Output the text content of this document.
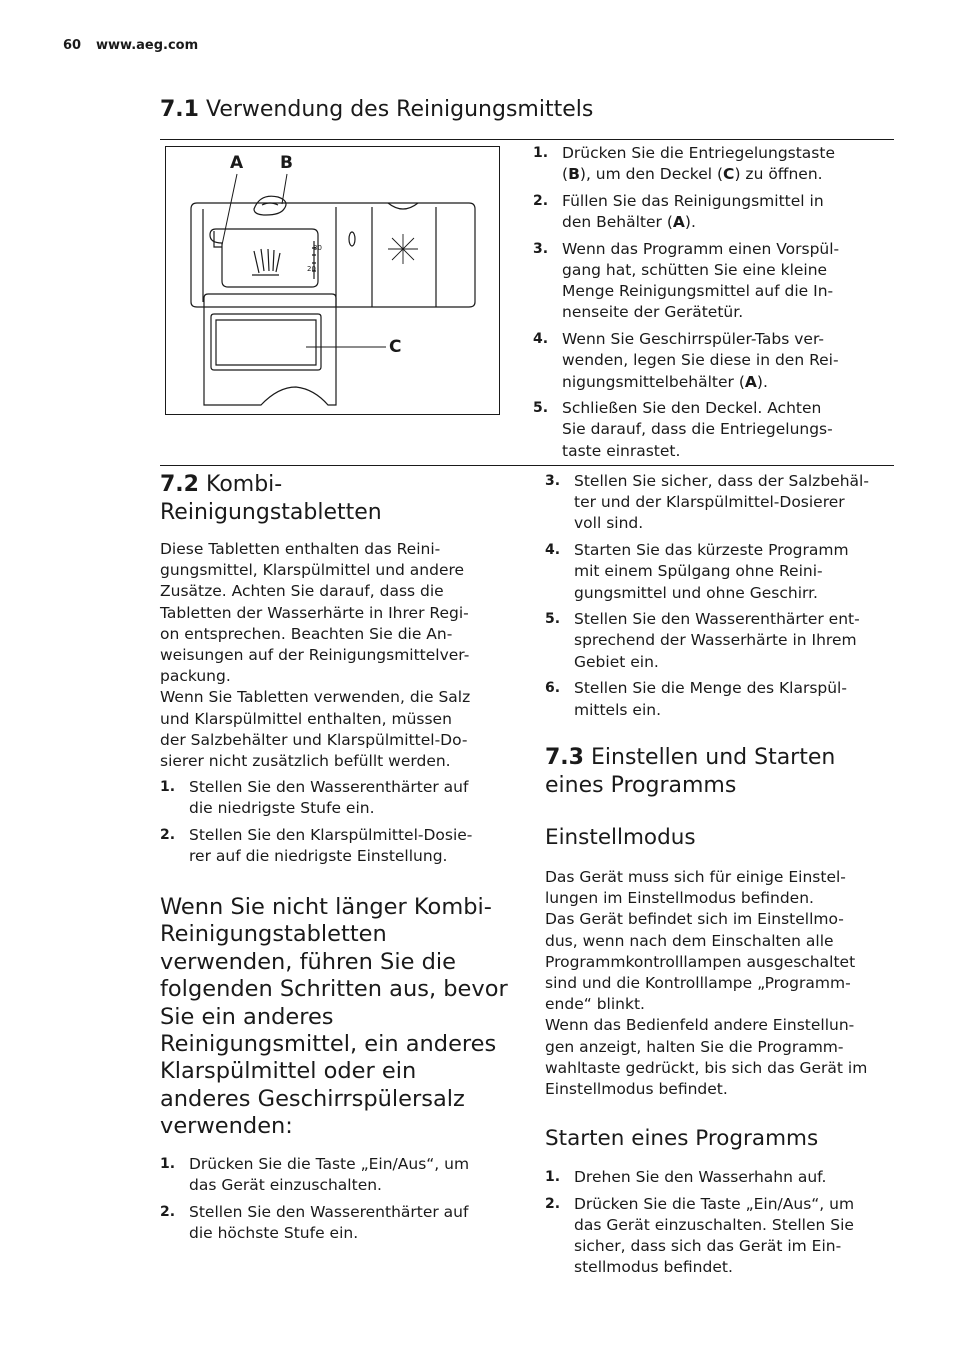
60 www.aeg.com
7.1 Verwendung des Reinigungsmittels
A B
C
30
20
1. Drücken Sie die Entriegelungstaste
(B), um den Deckel (C) zu öffnen.
2. Füllen Sie das Reinigungsmittel in
den Behälter (A).
3. Wenn das Programm einen Vorspül-
gang hat, schütten Sie eine kleine
Menge Reinigungsmittel auf die In-
nenseite der Gerätetür.
4. Wenn Sie Geschirrspüler-Tabs ver-
wenden, legen Sie diese in den Rei-
nigungsmittelbehälter (A).
5. Schließen Sie den Deckel. Achten
Sie darauf, dass die Entriegelungs-
taste einrastet.
7.2 Kombi-
Reinigungstabletten

Diese Tabletten enthalten das Reini-

gungsmittel, Klarspülmittel und andere

Zusätze. Achten Sie darauf, dass die

Tabletten der Wasserhärte in Ihrer Regi-

on entsprechen. Beachten Sie die An-

weisungen auf der Reinigungsmittelver-

packung.

Wenn Sie Tabletten verwenden, die Salz

und Klarspülmittel enthalten, müssen

der Salzbehälter und Klarspülmittel-Do-

sierer nicht zusätzlich befüllt werden.

1. Stellen Sie den Wasserenthärter auf
die niedrigste Stufe ein.
2. Stellen Sie den Klarspülmittel-Dosie-
rer auf die niedrigste Einstellung.
Wenn Sie nicht länger Kombi-
Reinigungstabletten
verwenden, führen Sie die
folgenden Schritten aus, bevor
Sie ein anderes
Reinigungsmittel, ein anderes
Klarspülmittel oder ein
anderes Geschirrspülersalz
verwenden:
1. Drücken Sie die Taste „Ein/Aus“, um
das Gerät einzuschalten.
2. Stellen Sie den Wasserenthärter auf
die höchste Stufe ein.
3. Stellen Sie sicher, dass der Salzbehäl-
ter und der Klarspülmittel-Dosierer
voll sind.
4. Starten Sie das kürzeste Programm
mit einem Spülgang ohne Reini-
gungsmittel und ohne Geschirr.
5. Stellen Sie den Wasserenthärter ent-
sprechend der Wasserhärte in Ihrem
Gebiet ein.
6. Stellen Sie die Menge des Klarspül-
mittels ein.
7.3 Einstellen und Starten
eines Programms
Einstellmodus

Das Gerät muss sich für einige Einstel-

lungen im Einstellmodus befinden.

Das Gerät befindet sich im Einstellmo-

dus, wenn nach dem Einschalten alle

Programmkontrolllampen ausgeschaltet

sind und die Kontrolllampe „Programm-

ende“ blinkt.

Wenn das Bedienfeld andere Einstellun-

gen anzeigt, halten Sie die Programm-

wahltaste gedrückt, bis sich das Gerät im

Einstellmodus befindet.

Starten eines Programms
1. Drehen Sie den Wasserhahn auf.
2. Drücken Sie die Taste „Ein/Aus“, um
das Gerät einzuschalten. Stellen Sie
sicher, dass sich das Gerät im Ein-
stellmodus befindet.
